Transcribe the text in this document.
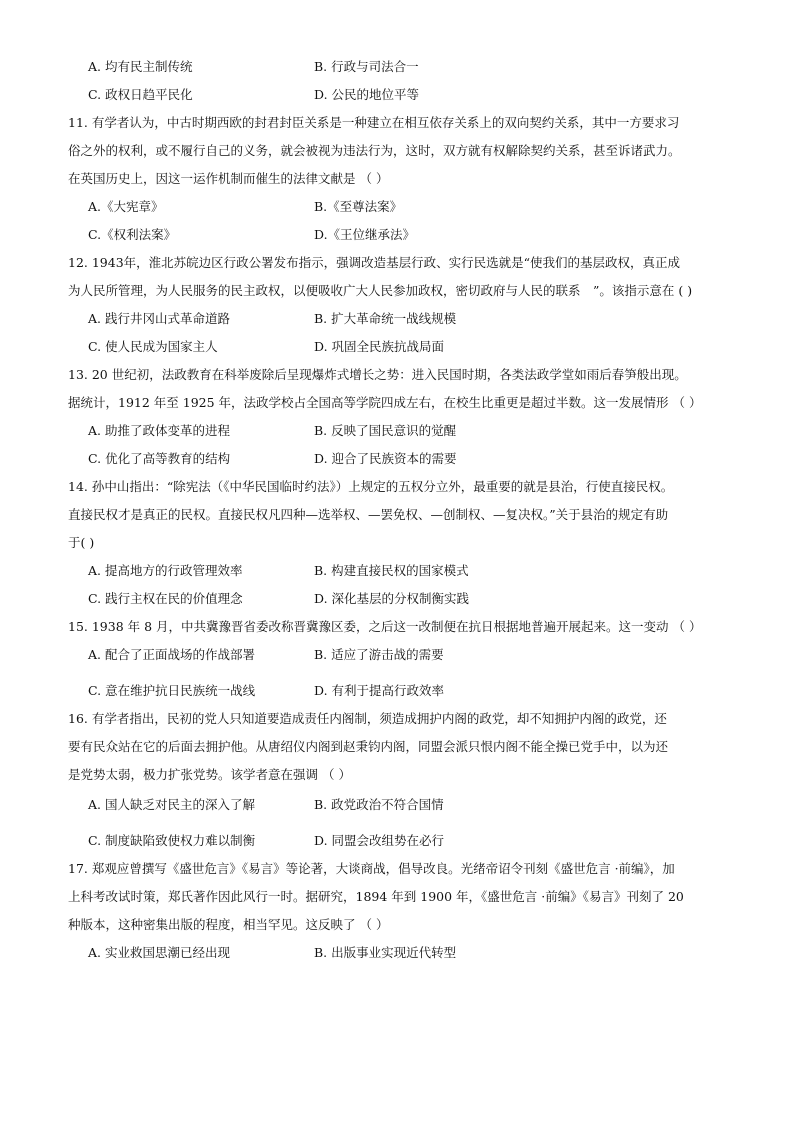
A. 均有民主制传统	B. 行政与司法合一
C. 政权日趋平民化	D. 公民的地位平等
11. 有学者认为，中古时期西欧的封君封臣关系是一种建立在相互依存关系上的双向契约关系，其中一方要求习
俗之外的权利，或不履行自己的义务，就会被视为违法行为，这时，双方就有权解除契约关系，甚至诉诸武力。
在英国历史上，因这一运作机制而催生的法律文献是 （ ）
A.《大宪章》	B.《至尊法案》
C.《权利法案》	D.《王位继承法》
12. 1943年，淮北苏皖边区行政公署发布指示，强调改造基层行政、实行民选就是“使我们的基层政权，真正成
为人民所管理，为人民服务的民主政权，以便吸收广大人民参加政权，密切政府与人民的联系　”。该指示意在 ( )
A. 践行井冈山式革命道路	B. 扩大革命统一战线规模
C. 使人民成为国家主人	D. 巩固全民族抗战局面
13. 20 世纪初，法政教育在科举废除后呈现爆炸式增长之势：进入民国时期，各类法政学堂如雨后春笋般出现。
据统计，1912 年至 1925 年，法政学校占全国高等学院四成左右，在校生比重更是超过半数。这一发展情形 （ ）
A. 助推了政体变革的进程	B. 反映了国民意识的觉醒
C. 优化了高等教育的结构	D. 迎合了民族资本的需要
14. 孙中山指出：“除宪法（《中华民国临时约法》）上规定的五权分立外，最重要的就是县治，行使直接民权。
直接民权才是真正的民权。直接民权凡四种—选举权、—罢免权、—创制权、—复决权。”关于县治的规定有助
于( )
A. 提高地方的行政管理效率	B. 构建直接民权的国家模式
C. 践行主权在民的价值理念	D. 深化基层的分权制衡实践
15. 1938 年 8 月，中共冀豫晋省委改称晋冀豫区委，之后这一改制便在抗日根据地普遍开展起来。这一变动 （ ）
A. 配合了正面战场的作战部署	B. 适应了游击战的需要
C. 意在维护抗日民族统一战线	D. 有利于提高行政效率
16. 有学者指出，民初的党人只知道要造成责任内阁制，须造成拥护内阁的政党，却不知拥护内阁的政党，还
要有民众站在它的后面去拥护他。从唐绍仪内阁到赵秉钧内阁，同盟会派只恨内阁不能全操已党手中，以为还
是党势太弱，极力扩张党势。该学者意在强调 （ ）
A. 国人缺乏对民主的深入了解	B. 政党政治不符合国情
C. 制度缺陷致使权力难以制衡	D. 同盟会改组势在必行
17. 郑观应曾撰写《盛世危言》《易言》等论著，大谈商战，倡导改良。光绪帝诏令刊刻《盛世危言 ·前编》，加
上科考改试时策，郑氏著作因此风行一时。据研究，1894 年到 1900 年，《盛世危言 ·前编》《易言》刊刻了 20
种版本，这种密集出版的程度，相当罕见。这反映了 （ ）
A. 实业救国思潮已经出现	B. 出版事业实现近代转型
